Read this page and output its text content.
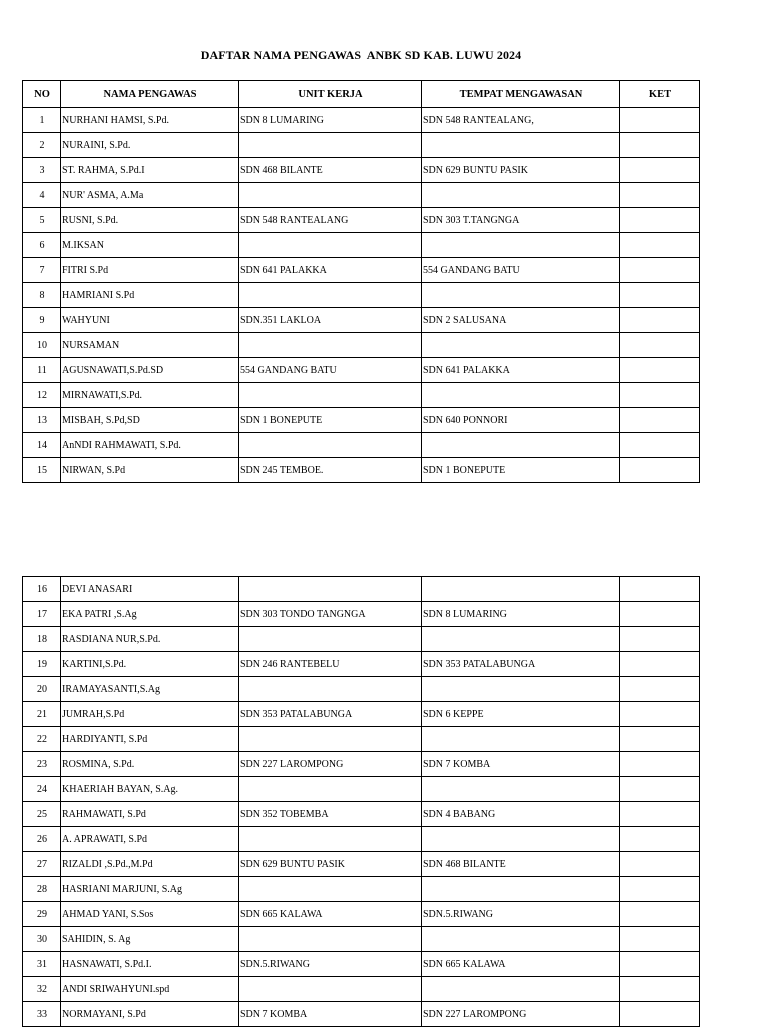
DAFTAR NAMA PENGAWAS  ANBK SD KAB. LUWU 2024
NO	NAMA PENGAWAS	UNIT KERJA	TEMPAT MENGAWASAN	KET
1	NURHANI HAMSI, S.Pd.	SDN 8 LUMARING	SDN 548 RANTEALANG,	
2	NURAINI, S.Pd.			
3	ST. RAHMA, S.Pd.I	SDN 468 BILANTE	SDN 629 BUNTU PASIK	
4	NUR' ASMA, A.Ma			
5	RUSNI, S.Pd.	SDN 548 RANTEALANG	SDN 303 T.TANGNGA	
6	M.IKSAN			
7	FITRI S.Pd	SDN 641 PALAKKA	554 GANDANG BATU	
8	HAMRIANI S.Pd			
9	WAHYUNI	SDN.351 LAKLOA	SDN 2 SALUSANA	
10	NURSAMAN			
11	AGUSNAWATI,S.Pd.SD	554 GANDANG BATU	SDN 641 PALAKKA	
12	MIRNAWATI,S.Pd.			
13	MISBAH, S.Pd,SD	SDN 1 BONEPUTE	SDN 640 PONNORI	
14	AnNDI RAHMAWATI, S.Pd.			
15	NIRWAN, S.Pd	SDN 245 TEMBOE.	SDN 1 BONEPUTE	
16	DEVI ANASARI			
17	EKA PATRI ,S.Ag	SDN 303 TONDO TANGNGA	SDN 8 LUMARING	
18	RASDIANA NUR,S.Pd.			
19	KARTINI,S.Pd.	SDN 246 RANTEBELU	SDN 353 PATALABUNGA	
20	IRAMAYASANTI,S.Ag			
21	JUMRAH,S.Pd	SDN 353 PATALABUNGA	SDN 6 KEPPE	
22	HARDIYANTI, S.Pd			
23	ROSMINA, S.Pd.	SDN 227 LAROMPONG	SDN 7 KOMBA	
24	KHAERIAH BAYAN, S.Ag.			
25	RAHMAWATI, S.Pd	SDN 352 TOBEMBA	SDN 4 BABANG	
26	A. APRAWATI, S.Pd			
27	RIZALDI ,S.Pd.,M.Pd	SDN 629 BUNTU PASIK	SDN 468 BILANTE	
28	HASRIANI MARJUNI, S.Ag			
29	AHMAD YANI, S.Sos	SDN 665 KALAWA	SDN.5.RIWANG	
30	SAHIDIN, S. Ag			
31	HASNAWATI, S.Pd.I.	SDN.5.RIWANG	SDN 665 KALAWA	
32	ANDI SRIWAHYUNI.spd			
33	NORMAYANI, S.Pd	SDN 7 KOMBA	SDN 227 LAROMPONG	
